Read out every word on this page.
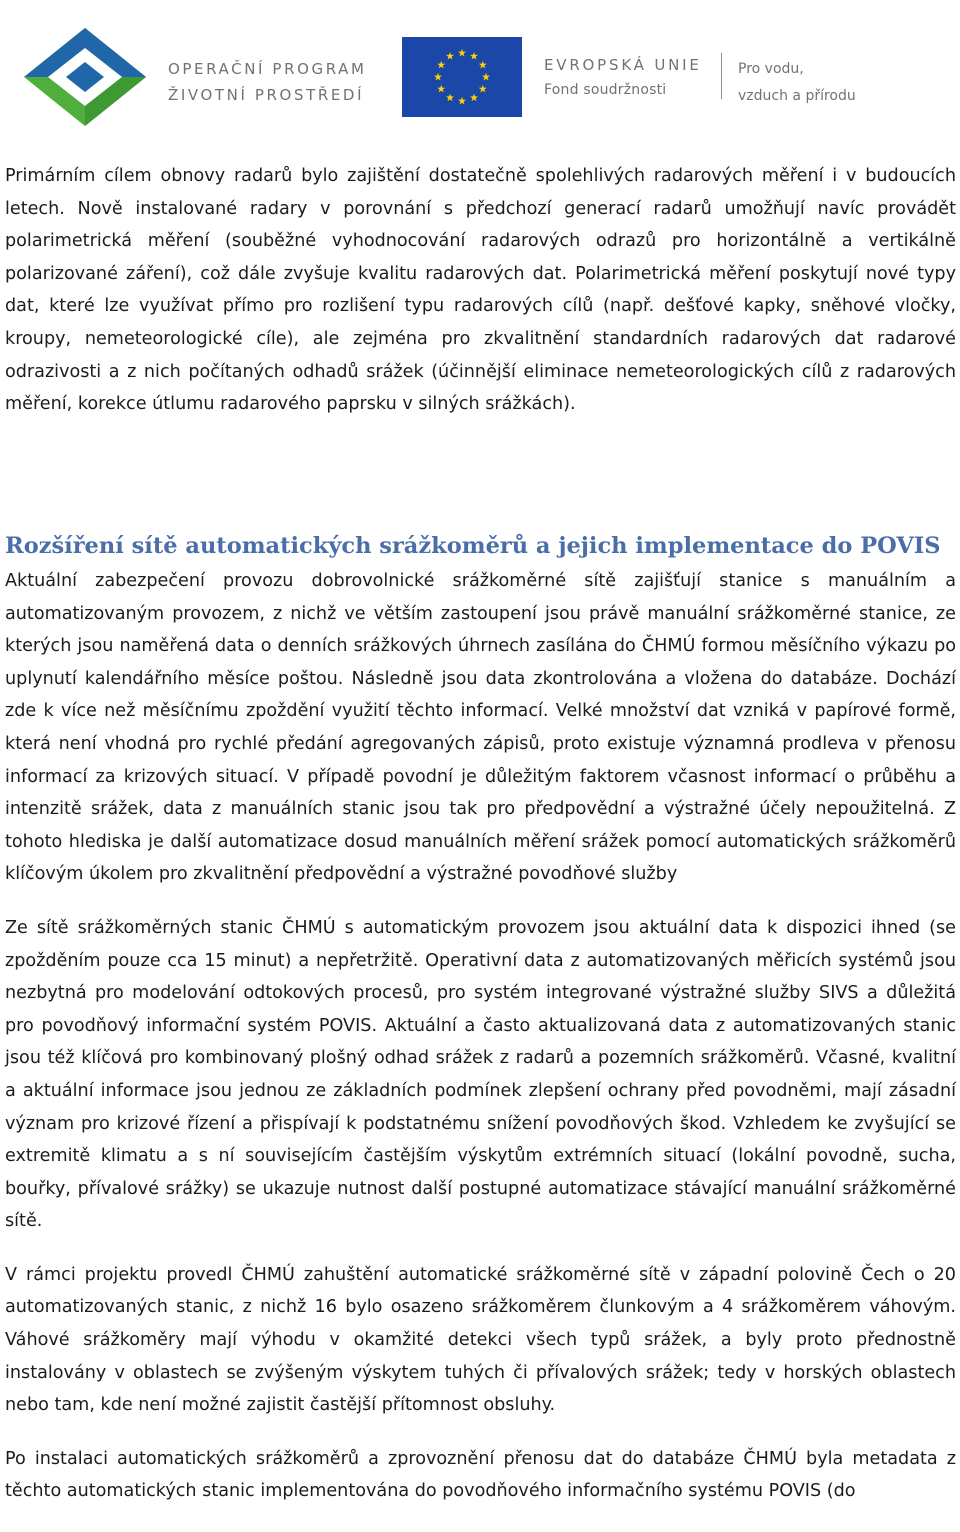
OPERAČNÍ PROGRAM
ŽIVOTNÍ PROSTŘEDÍ
EVROPSKÁ UNIE
Fond soudržnosti
Pro vodu,
vzduch a přírodu

Primárním cílem obnovy radarů bylo zajištění dostatečně spolehlivých radarových měření i v budoucích letech. Nově instalované radary v porovnání s předchozí generací radarů umožňují navíc provádět polarimetrická měření (souběžné vyhodnocování radarových odrazů pro horizontálně a vertikálně polarizované záření), což dále zvyšuje kvalitu radarových dat. Polarimetrická měření poskytují nové typy dat, které lze využívat přímo pro rozlišení typu radarových cílů (např. dešťové kapky, sněhové vločky, kroupy, nemeteorologické cíle), ale zejména pro zkvalitnění standardních radarových dat radarové odrazivosti a z nich počítaných odhadů srážek (účinnější eliminace nemeteorologických cílů z radarových měření, korekce útlumu radarového paprsku v silných srážkách).

Rozšíření sítě automatických srážkoměrů a jejich implementace do POVIS

Aktuální zabezpečení provozu dobrovolnické srážkoměrné sítě zajišťují stanice s manuálním a automatizovaným provozem, z nichž ve větším zastoupení jsou právě manuální srážkoměrné stanice, ze kterých jsou naměřená data o denních srážkových úhrnech zasílána do ČHMÚ formou měsíčního výkazu po uplynutí kalendářního měsíce poštou. Následně jsou data zkontrolována a vložena do databáze. Dochází zde k více než měsíčnímu zpoždění využití těchto informací. Velké množství dat vzniká v papírové formě, která není vhodná pro rychlé předání agregovaných zápisů, proto existuje významná prodleva v přenosu informací za krizových situací. V případě povodní je důležitým faktorem včasnost informací o průběhu a intenzitě srážek, data z manuálních stanic jsou tak pro předpovědní a výstražné účely nepoužitelná. Z tohoto hlediska je další automatizace dosud manuálních měření srážek pomocí automatických srážkoměrů klíčovým úkolem pro zkvalitnění předpovědní a výstražné povodňové služby

Ze sítě srážkoměrných stanic ČHMÚ s automatickým provozem jsou aktuální data k dispozici ihned (se zpožděním pouze cca 15 minut) a nepřetržitě. Operativní data z automatizovaných měřicích systémů jsou nezbytná pro modelování odtokových procesů, pro systém integrované výstražné služby SIVS a důležitá pro povodňový informační systém POVIS. Aktuální a často aktualizovaná data z automatizovaných stanic jsou též klíčová pro kombinovaný plošný odhad srážek z radarů a pozemních srážkoměrů. Včasné, kvalitní a aktuální informace jsou jednou ze základních podmínek zlepšení ochrany před povodněmi, mají zásadní význam pro krizové řízení a přispívají k podstatnému snížení povodňových škod. Vzhledem ke zvyšující se extremitě klimatu a s ní souvisejícím častějším výskytům extrémních situací (lokální povodně, sucha, bouřky, přívalové srážky) se ukazuje nutnost další postupné automatizace stávající manuální srážkoměrné sítě.

V rámci projektu provedl ČHMÚ zahuštění automatické srážkoměrné sítě v západní polovině Čech o 20 automatizovaných stanic, z nichž 16 bylo osazeno srážkoměrem člunkovým a 4 srážkoměrem váhovým. Váhové srážkoměry mají výhodu v okamžité detekci všech typů srážek, a byly proto přednostně instalovány v oblastech se zvýšeným výskytem tuhých či přívalových srážek; tedy v horských oblastech nebo tam, kde není možné zajistit častější přítomnost obsluhy.

Po instalaci automatických srážkoměrů a zprovoznění přenosu dat do databáze ČHMÚ byla metadata z těchto automatických stanic implementována do povodňového informačního systému POVIS (do
